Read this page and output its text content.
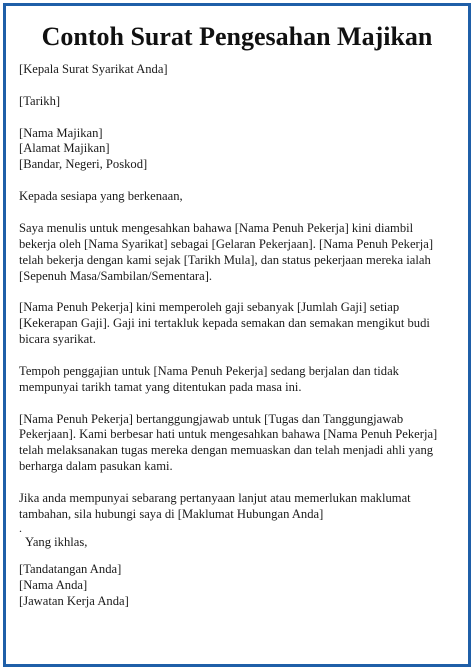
Contoh Surat Pengesahan Majikan
[Kepala Surat Syarikat Anda]
[Tarikh]
[Nama Majikan]
[Alamat Majikan]
[Bandar, Negeri, Poskod]
Kepada sesiapa yang berkenaan,
Saya menulis untuk mengesahkan bahawa [Nama Penuh Pekerja] kini diambil
bekerja oleh [Nama Syarikat] sebagai [Gelaran Pekerjaan]. [Nama Penuh Pekerja]
telah bekerja dengan kami sejak [Tarikh Mula], dan status pekerjaan mereka ialah
[Sepenuh Masa/Sambilan/Sementara].
[Nama Penuh Pekerja] kini memperoleh gaji sebanyak [Jumlah Gaji] setiap
[Kekerapan Gaji]. Gaji ini tertakluk kepada semakan dan semakan mengikut budi
bicara syarikat.
Tempoh penggajian untuk [Nama Penuh Pekerja] sedang berjalan dan tidak
mempunyai tarikh tamat yang ditentukan pada masa ini.
[Nama Penuh Pekerja] bertanggungjawab untuk [Tugas dan Tanggungjawab
Pekerjaan]. Kami berbesar hati untuk mengesahkan bahawa [Nama Penuh Pekerja]
telah melaksanakan tugas mereka dengan memuaskan dan telah menjadi ahli yang
berharga dalam pasukan kami.
Jika anda mempunyai sebarang pertanyaan lanjut atau memerlukan maklumat
tambahan, sila hubungi saya di [Maklumat Hubungan Anda]
.
Yang ikhlas,
[Tandatangan Anda]
[Nama Anda]
[Jawatan Kerja Anda]
